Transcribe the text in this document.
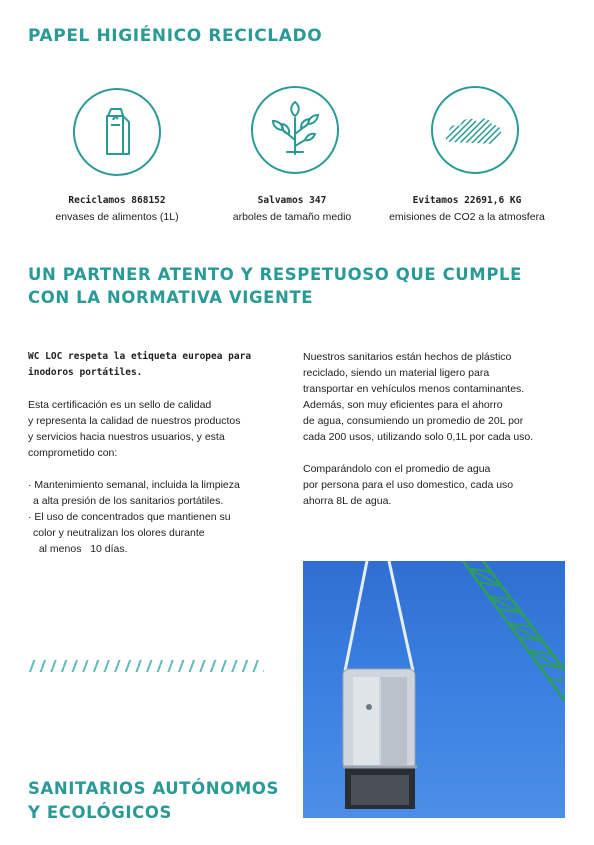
PAPEL HIGIÉNICO RECICLADO
Reciclamos 868152
envases de alimentos (1L)
Salvamos 347
arboles de tamaño medio
Evitamos 22691,6 KG
emisiones de CO2 a la atmosfera
UN PARTNER ATENTO Y RESPETUOSO QUE CUMPLE
CON LA NORMATIVA VIGENTE

WC LOC respeta la etiqueta europea para

inodoros portátiles.

Esta certificación es un sello de calidad

y representa la calidad de nuestros productos

y servicios hacia nuestros usuarios, y esta

comprometido con:

· Mantenimiento semanal, incluida la limpieza

a alta presión de los sanitarios portátiles.

· El uso de concentrados que mantienen su

color y neutralizan los olores durante

al menos   10 días.

Nuestros sanitarios están hechos de plástico

reciclado, siendo un material ligero para

transportar en vehículos menos contaminantes.

Además, son muy eficientes para el ahorro

de agua, consumiendo un promedio de 20L por

cada 200 usos, utilizando solo 0,1L por cada uso.

Comparándolo con el promedio de agua

por persona para el uso domestico, cada uso

ahorra 8L de agua.

SANITARIOS AUTÓNOMOS
Y ECOLÓGICOS
